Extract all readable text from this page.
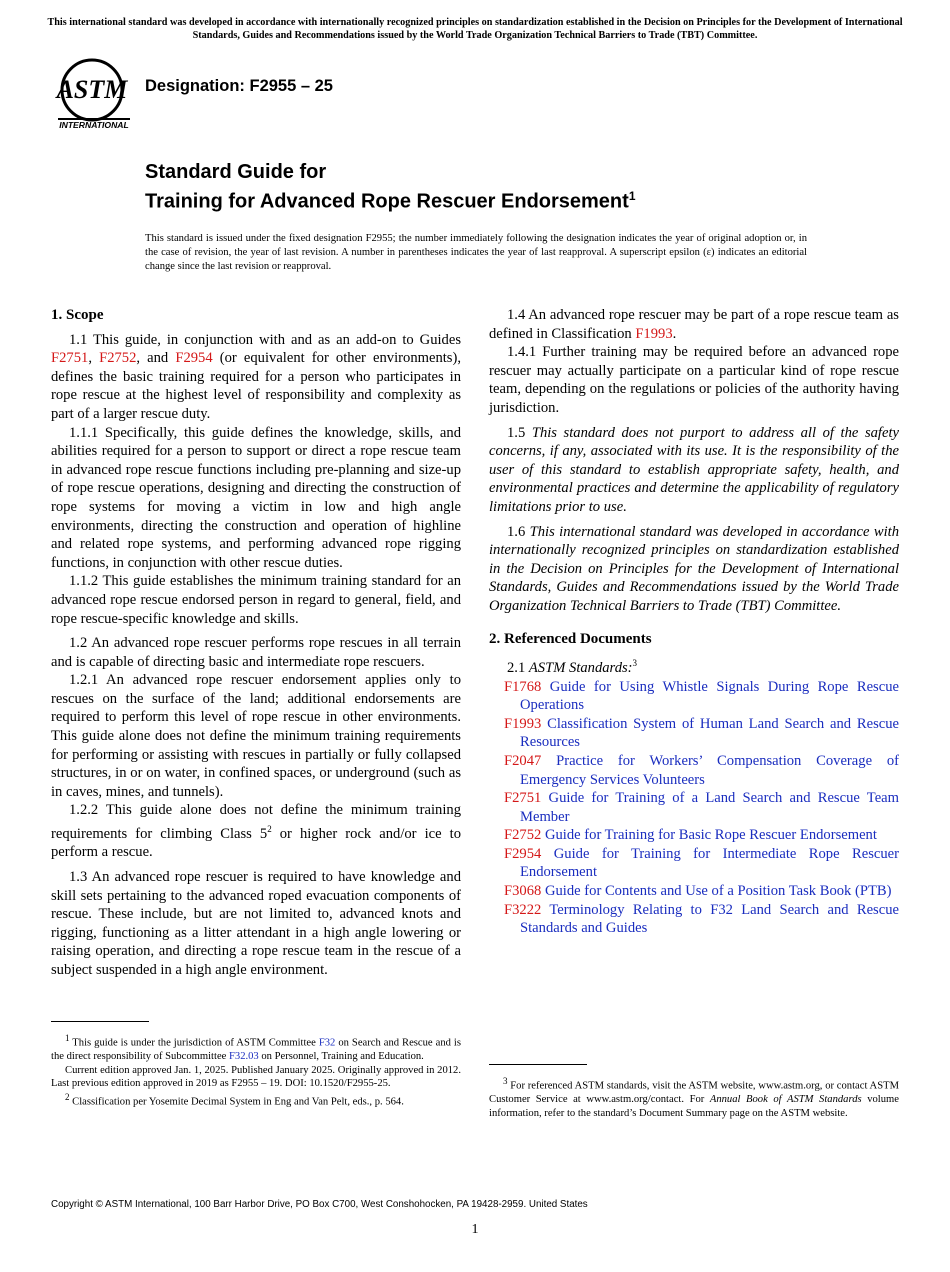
This international standard was developed in accordance with internationally recognized principles on standardization established in the Decision on Principles for the Development of International Standards, Guides and Recommendations issued by the World Trade Organization Technical Barriers to Trade (TBT) Committee.
ASTM
INTERNATIONAL
Designation: F2955 – 25
Standard Guide for
Training for Advanced Rope Rescuer Endorsement$^1$
This standard is issued under the fixed designation F2955; the number immediately following the designation indicates the year of original adoption or, in the case of revision, the year of last revision. A number in parentheses indicates the year of last reapproval. A superscript epsilon (ε) indicates an editorial change since the last revision or reapproval.
1. Scope

1.1 This guide, in conjunction with and as an add-on to Guides F2751, F2752, and F2954 (or equivalent for other environments), defines the basic training required for a person who participates in rope rescue at the highest level of responsibility and complexity as part of a larger rescue duty.

1.1.1 Specifically, this guide defines the knowledge, skills, and abilities required for a person to support or direct a rope rescue team in advanced rope rescue functions including pre-planning and size-up of rope rescue operations, designing and directing the construction of rope systems for moving a victim in low and high angle environments, directing the construction and operation of highline and related rope systems, and performing advanced rope rigging functions, in conjunction with other rescue duties.

1.1.2 This guide establishes the minimum training standard for an advanced rope rescue endorsed person in regard to general, field, and rope rescue-specific knowledge and skills.

1.2 An advanced rope rescuer performs rope rescues in all terrain and is capable of directing basic and intermediate rope rescuers.

1.2.1 An advanced rope rescuer endorsement applies only to rescues on the surface of the land; additional endorsements are required to perform this level of rope rescue in other environments. This guide alone does not define the minimum training requirements for performing or assisting with rescues in partially or fully collapsed structures, in or on water, in confined spaces, or underground (such as in caves, mines, and tunnels).

1.2.2 This guide alone does not define the minimum training requirements for climbing Class $5^2$ or higher rock and/or ice to perform a rescue.

1.3 An advanced rope rescuer is required to have knowledge and skill sets pertaining to the advanced roped evacuation components of rescue. These include, but are not limited to, advanced knots and rigging, functioning as a litter attendant in a high angle lowering or raising operation, and directing a rope rescue team in the rescue of a subject suspended in a high angle environment.

1.4 An advanced rope rescuer may be part of a rope rescue team as defined in Classification F1993.

1.4.1 Further training may be required before an advanced rope rescuer may actually participate on a particular kind of rope rescue team, depending on the regulations or policies of the authority having jurisdiction.

1.5 This standard does not purport to address all of the safety concerns, if any, associated with its use. It is the responsibility of the user of this standard to establish appropriate safety, health, and environmental practices and determine the applicability of regulatory limitations prior to use.

1.6 This international standard was developed in accordance with internationally recognized principles on standardization established in the Decision on Principles for the Development of International Standards, Guides and Recommendations issued by the World Trade Organization Technical Barriers to Trade (TBT) Committee.

2. Referenced Documents

2.1 ASTM Standards:$^3$

F1768 Guide for Using Whistle Signals During Rope Rescue Operations
F1993 Classification System of Human Land Search and Rescue Resources
F2047 Practice for Workers’ Compensation Coverage of Emergency Services Volunteers
F2751 Guide for Training of a Land Search and Rescue Team Member
F2752 Guide for Training for Basic Rope Rescuer Endorsement
F2954 Guide for Training for Intermediate Rope Rescuer Endorsement
F3068 Guide for Contents and Use of a Position Task Book (PTB)
F3222 Terminology Relating to F32 Land Search and Rescue Standards and Guides

$^1$ This guide is under the jurisdiction of ASTM Committee F32 on Search and Rescue and is the direct responsibility of Subcommittee F32.03 on Personnel, Training and Education.

Current edition approved Jan. 1, 2025. Published January 2025. Originally approved in 2012. Last previous edition approved in 2019 as F2955 – 19. DOI: 10.1520/F2955-25.

$^2$ Classification per Yosemite Decimal System in Eng and Van Pelt, eds., p. 564.

$^3$ For referenced ASTM standards, visit the ASTM website, www.astm.org, or contact ASTM Customer Service at www.astm.org/contact. For Annual Book of ASTM Standards volume information, refer to the standard’s Document Summary page on the ASTM website.

Copyright © ASTM International, 100 Barr Harbor Drive, PO Box C700, West Conshohocken, PA 19428-2959. United States
1
